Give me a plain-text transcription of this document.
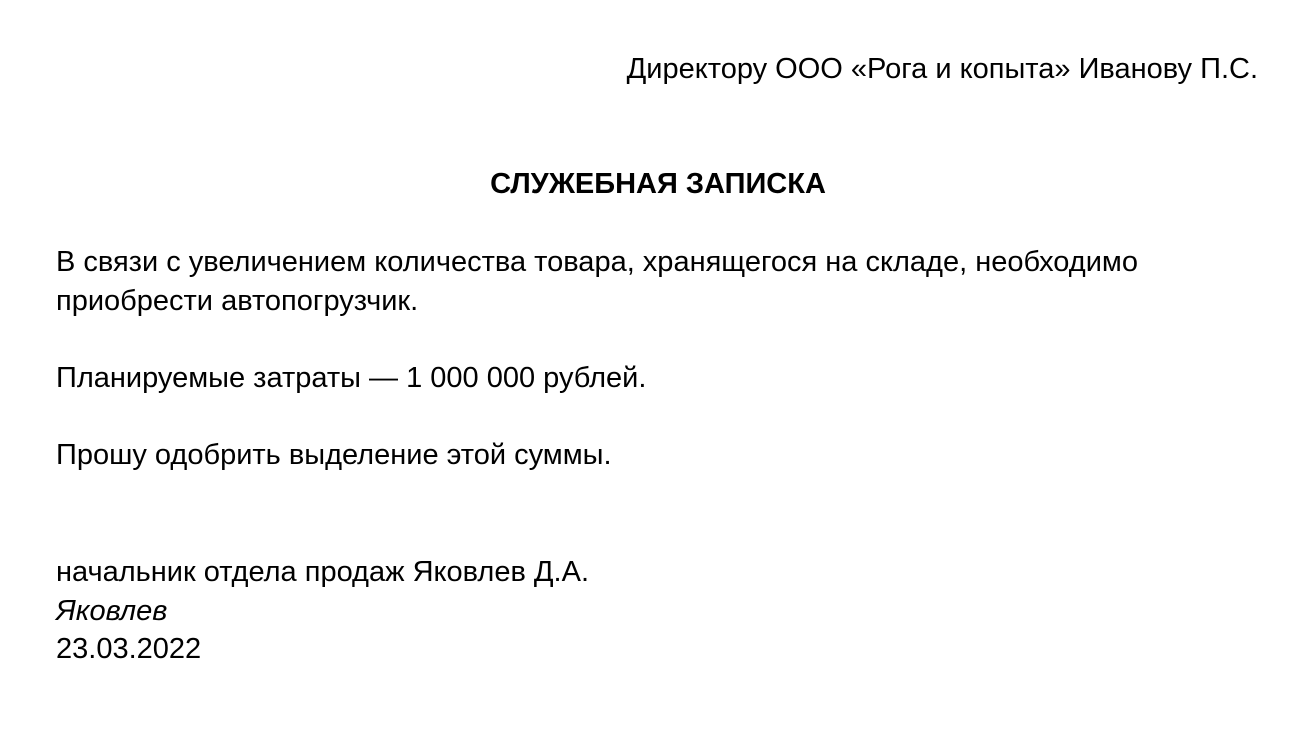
Директору ООО «Рога и копыта» Иванову П.С.
СЛУЖЕБНАЯ ЗАПИСКА

В связи с увеличением количества товара, хранящегося на складе, необходимо приобрести автопогрузчик.

Планируемые затраты — 1 000 000 рублей.

Прошу одобрить выделение этой суммы.

начальник отдела продаж Яковлев Д.А.
Яковлев
23.03.2022
